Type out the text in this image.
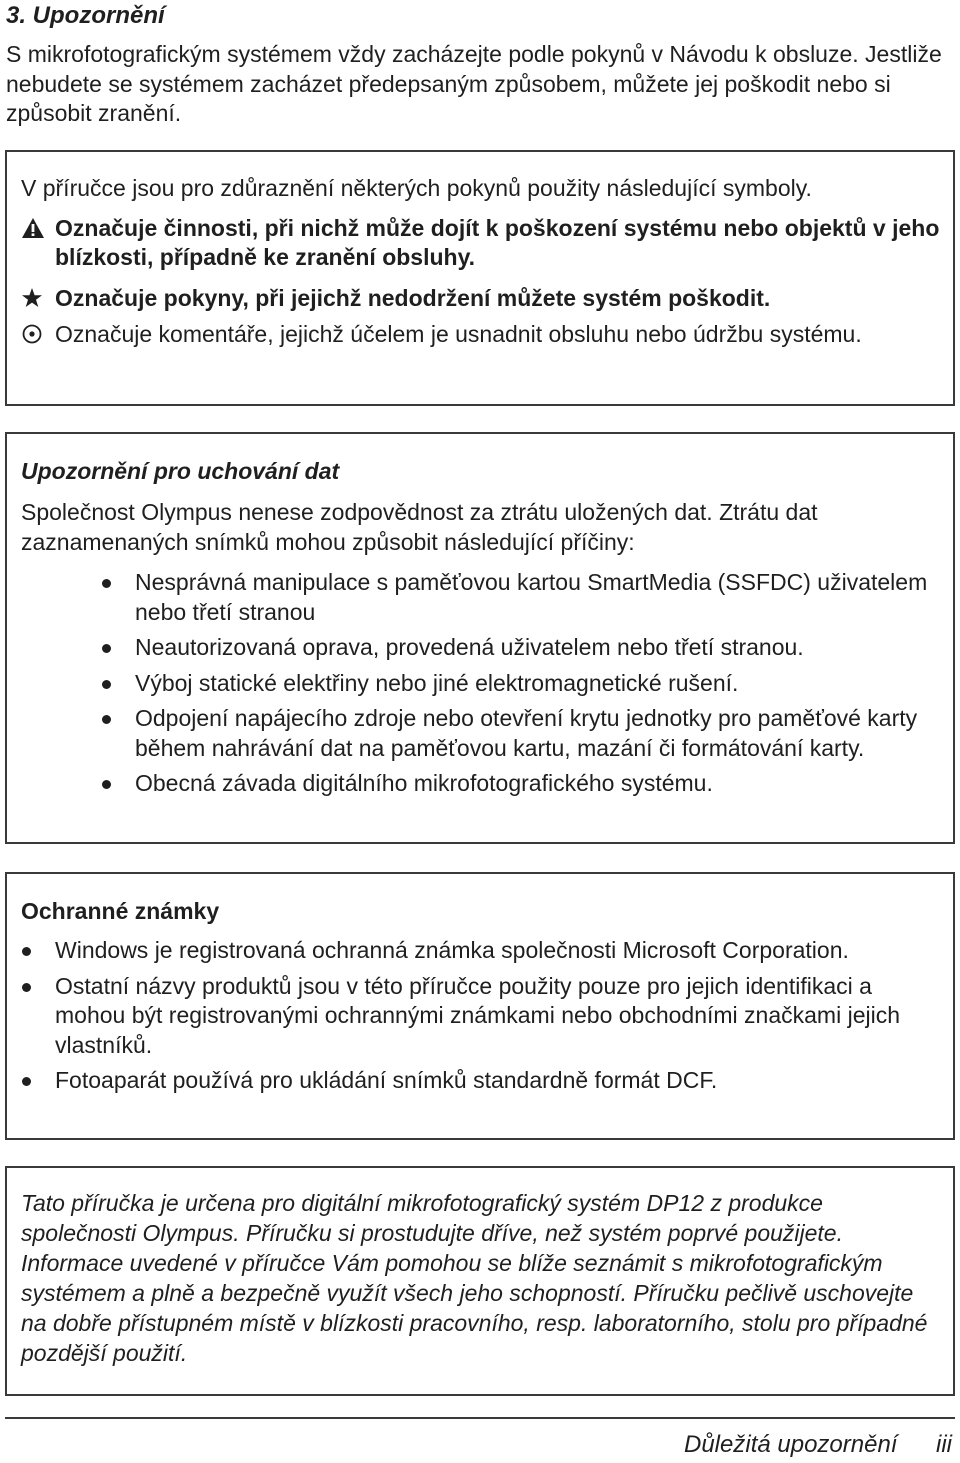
3. Upozornění

S mikrofotografickým systémem vždy zacházejte podle pokynů v Návodu k obsluze. Jestliže nebudete se systémem zacházet předepsaným způsobem, můžete jej poškodit nebo si způsobit zranění.

V příručce jsou pro zdůraznění některých pokynů použity následující symboly.

Označuje činnosti, při nichž může dojít k poškození systému nebo objektů v jeho blízkosti, případně ke zranění obsluhy.
Označuje pokyny, při jejichž nedodržení můžete systém poškodit.
Označuje komentáře, jejichž účelem je usnadnit obsluhu nebo údržbu systému.
Upozornění pro uchování dat

Společnost Olympus nenese zodpovědnost za ztrátu uložených dat. Ztrátu dat zaznamenaných snímků mohou způsobit následující příčiny:

Nesprávná manipulace s paměťovou kartou SmartMedia (SSFDC) uživatelem nebo třetí stranou
Neautorizovaná oprava, provedená uživatelem nebo třetí stranou.
Výboj statické elektřiny nebo jiné elektromagnetické rušení.
Odpojení napájecího zdroje nebo otevření krytu jednotky pro paměťové karty během nahrávání dat na paměťovou kartu, mazání či formátování karty.
Obecná závada digitálního mikrofotografického systému.
Ochranné známky
Windows je registrovaná ochranná známka společnosti Microsoft Corporation.
Ostatní názvy produktů jsou v této příručce použity pouze pro jejich identifikaci a mohou být registrovanými ochrannými známkami nebo obchodními značkami jejich vlastníků.
Fotoaparát používá pro ukládání snímků standardně formát DCF.

Tato příručka je určena pro digitální mikrofotografický systém DP12 z produkce společnosti Olympus. Příručku si prostudujte dříve, než systém poprvé použijete. Informace uvedené v příručce Vám pomohou se blíže seznámit s mikrofotografickým systémem a plně a bezpečně využít všech jeho schopností. Příručku pečlivě uschovejte na dobře přístupném místě v blízkosti pracovního, resp. laboratorního, stolu pro případné pozdější použití.

Důležitá upozornění iii
